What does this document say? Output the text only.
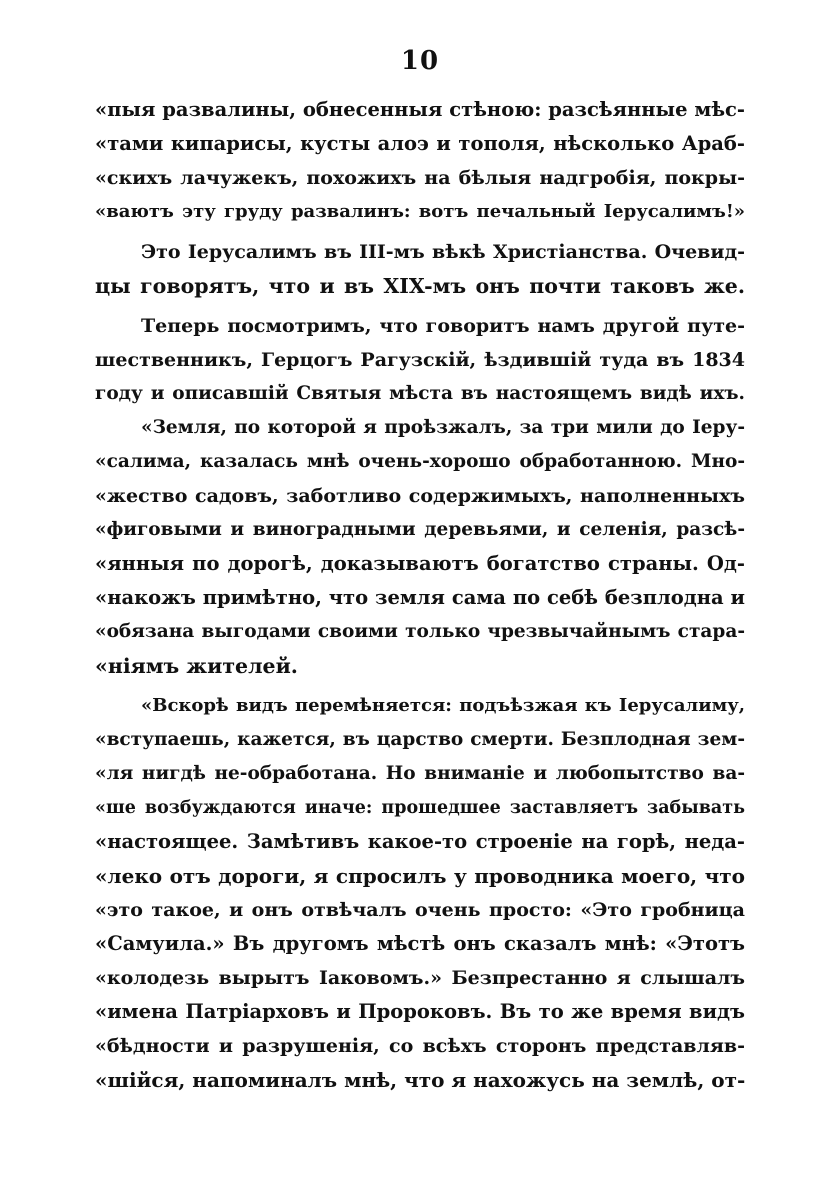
10
«пыя развалины, обнесенныя стѣною: разсѣянные мѣс-
«тами кипарисы, кусты алоэ и тополя, нѣсколько Араб-
«скихъ лачужекъ, похожихъ на бѣлыя надгробія, покры-
«ваютъ эту груду развалинъ: вотъ печальный Іерусалимъ!»
Это Іерусалимъ въ III-мъ вѣкѣ Христіанства. Очевид-
цы говорятъ, что и въ XIX-мъ онъ почти таковъ же.
Теперь посмотримъ, что говоритъ намъ другой путе-
шественникъ, Герцогъ Рагузскій, ѣздившій туда въ 1834
году и описавшій Святыя мѣста въ настоящемъ видѣ ихъ.
«Земля, по которой я проѣзжалъ, за три мили до Іеру-
«салима, казалась мнѣ очень-хорошо обработанною. Мно-
«жество садовъ, заботливо содержимыхъ, наполненныхъ
«фиговыми и виноградными деревьями, и селенія, разсѣ-
«янныя по дорогѣ, доказываютъ богатство страны. Од-
«накожъ примѣтно, что земля сама по себѣ безплодна и
«обязана выгодами своими только чрезвычайнымъ стара-
«ніямъ жителей.
«Вскорѣ видъ перемѣняется: подъѣзжая къ Іерусалиму,
«вступаешь, кажется, въ царство смерти. Безплодная зем-
«ля нигдѣ не-обработана. Но вниманіе и любопытство ва-
«ше возбуждаются иначе: прошедшее заставляетъ забывать
«настоящее. Замѣтивъ какое-то строеніе на горѣ, неда-
«леко отъ дороги, я спросилъ у проводника моего, что
«это такое, и онъ отвѣчалъ очень просто: «Это гробница
«Самуила.» Въ другомъ мѣстѣ онъ сказалъ мнѣ: «Этотъ
«колодезь вырытъ Іаковомъ.» Безпрестанно я слышалъ
«имена Патріарховъ и Пророковъ. Въ то же время видъ
«бѣдности и разрушенія, со всѣхъ сторонъ представляв-
«шійся, напоминалъ мнѣ, что я нахожусь на землѣ, от-
